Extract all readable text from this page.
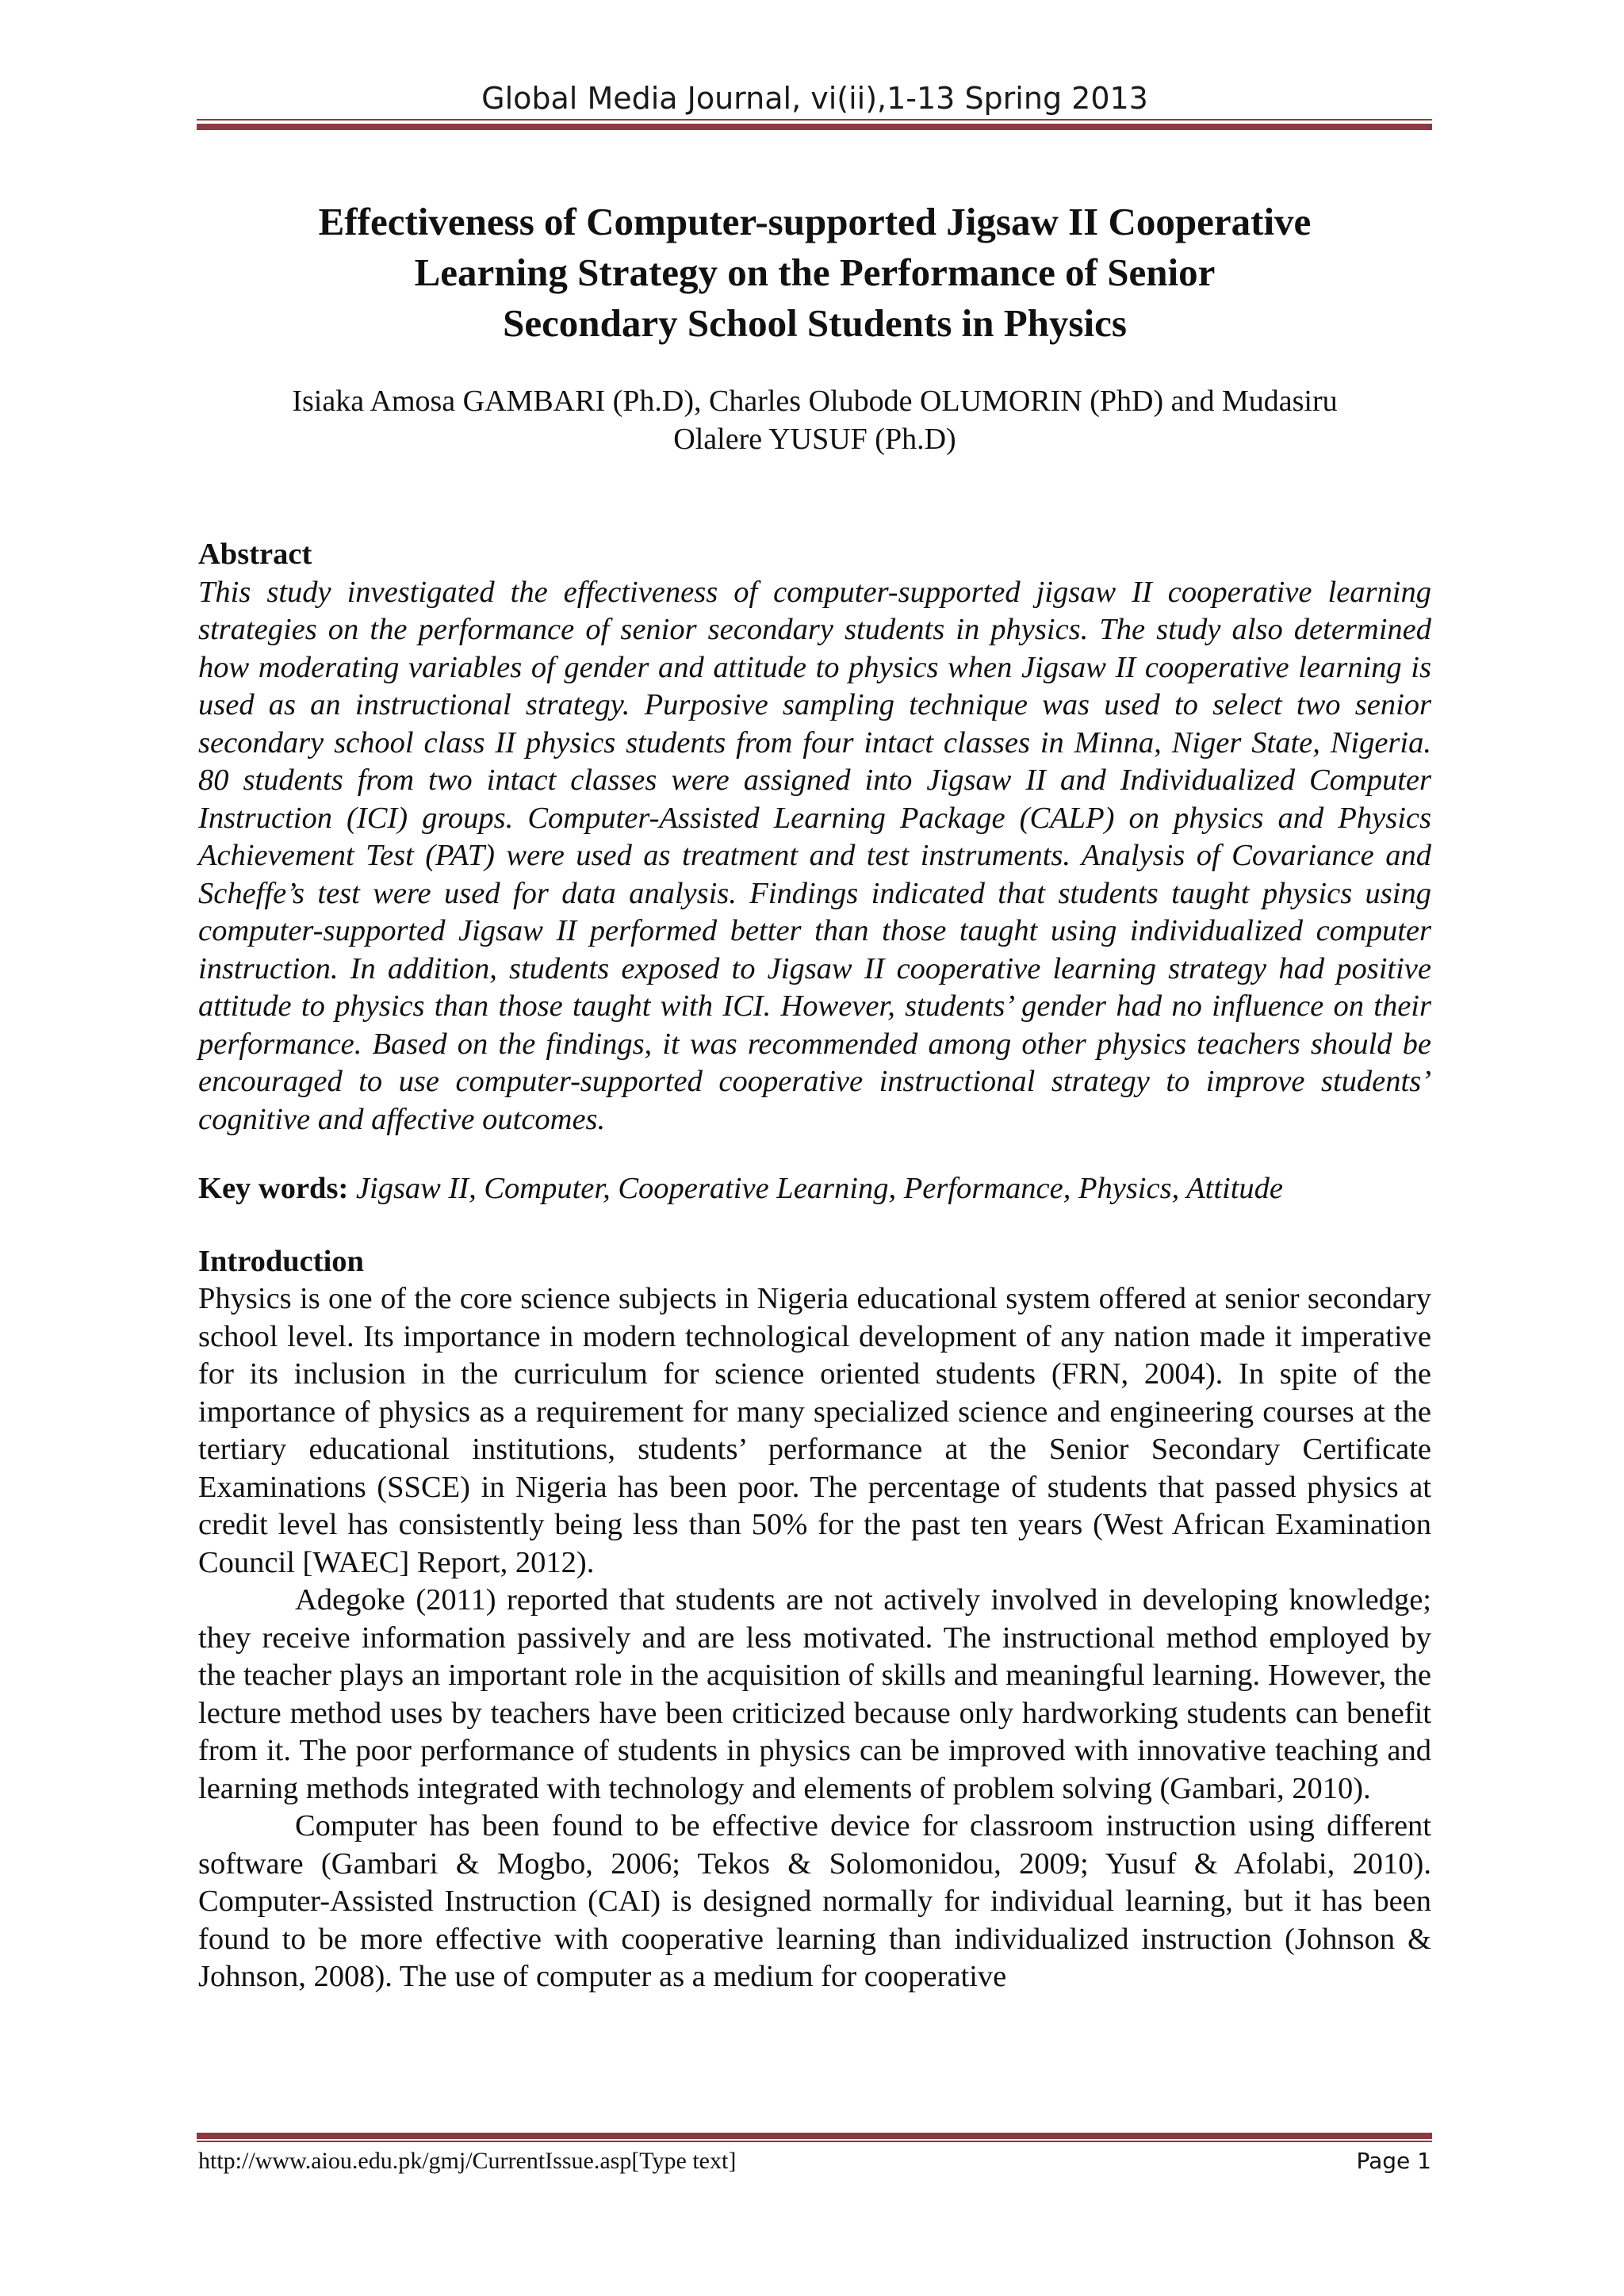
Global Media Journal, vi(ii),1-13 Spring 2013
Effectiveness of Computer-supported Jigsaw II Cooperative
Learning Strategy on the Performance of Senior
Secondary School Students in Physics
Isiaka Amosa GAMBARI (Ph.D), Charles Olubode OLUMORIN (PhD) and Mudasiru
Olalere YUSUF (Ph.D)

Abstract

This study investigated the effectiveness of computer-supported jigsaw II cooperative learning strategies on the performance of senior secondary students in physics. The study also determined how moderating variables of gender and attitude to physics when Jigsaw II cooperative learning is used as an instructional strategy. Purposive sampling technique was used to select two senior secondary school class II physics students from four intact classes in Minna, Niger State, Nigeria. 80 students from two intact classes were assigned into Jigsaw II and Individualized Computer Instruction (ICI) groups. Computer-Assisted Learning Package (CALP) on physics and Physics Achievement Test (PAT) were used as treatment and test instruments. Analysis of Covariance and Scheffe’s test were used for data analysis. Findings indicated that students taught physics using computer-supported Jigsaw II performed better than those taught using individualized computer instruction. In addition, students exposed to Jigsaw II cooperative learning strategy had positive attitude to physics than those taught with ICI. However, students’ gender had no influence on their performance. Based on the findings, it was recommended among other physics teachers should be encouraged to use computer-supported cooperative instructional strategy to improve students’ cognitive and affective outcomes.

Key words: Jigsaw II, Computer, Cooperative Learning, Performance, Physics, Attitude

Introduction

Physics is one of the core science subjects in Nigeria educational system offered at senior secondary school level. Its importance in modern technological development of any nation made it imperative for its inclusion in the curriculum for science oriented students (FRN, 2004). In spite of the importance of physics as a requirement for many specialized science and engineering courses at the tertiary educational institutions, students’ performance at the Senior Secondary Certificate Examinations (SSCE) in Nigeria has been poor. The percentage of students that passed physics at credit level has consistently being less than 50% for the past ten years (West African Examination Council [WAEC] Report, 2012).

Adegoke (2011) reported that students are not actively involved in developing knowledge; they receive information passively and are less motivated. The instructional method employed by the teacher plays an important role in the acquisition of skills and meaningful learning. However, the lecture method uses by teachers have been criticized because only hardworking students can benefit from it. The poor performance of students in physics can be improved with innovative teaching and learning methods integrated with technology and elements of problem solving (Gambari, 2010).

Computer has been found to be effective device for classroom instruction using different software (Gambari & Mogbo, 2006; Tekos & Solomonidou, 2009; Yusuf & Afolabi, 2010). Computer-Assisted Instruction (CAI) is designed normally for individual learning, but it has been found to be more effective with cooperative learning than individualized instruction (Johnson & Johnson, 2008). The use of computer as a medium for cooperative

http://www.aiou.edu.pk/gmj/CurrentIssue.asp[Type text]	Page 1
